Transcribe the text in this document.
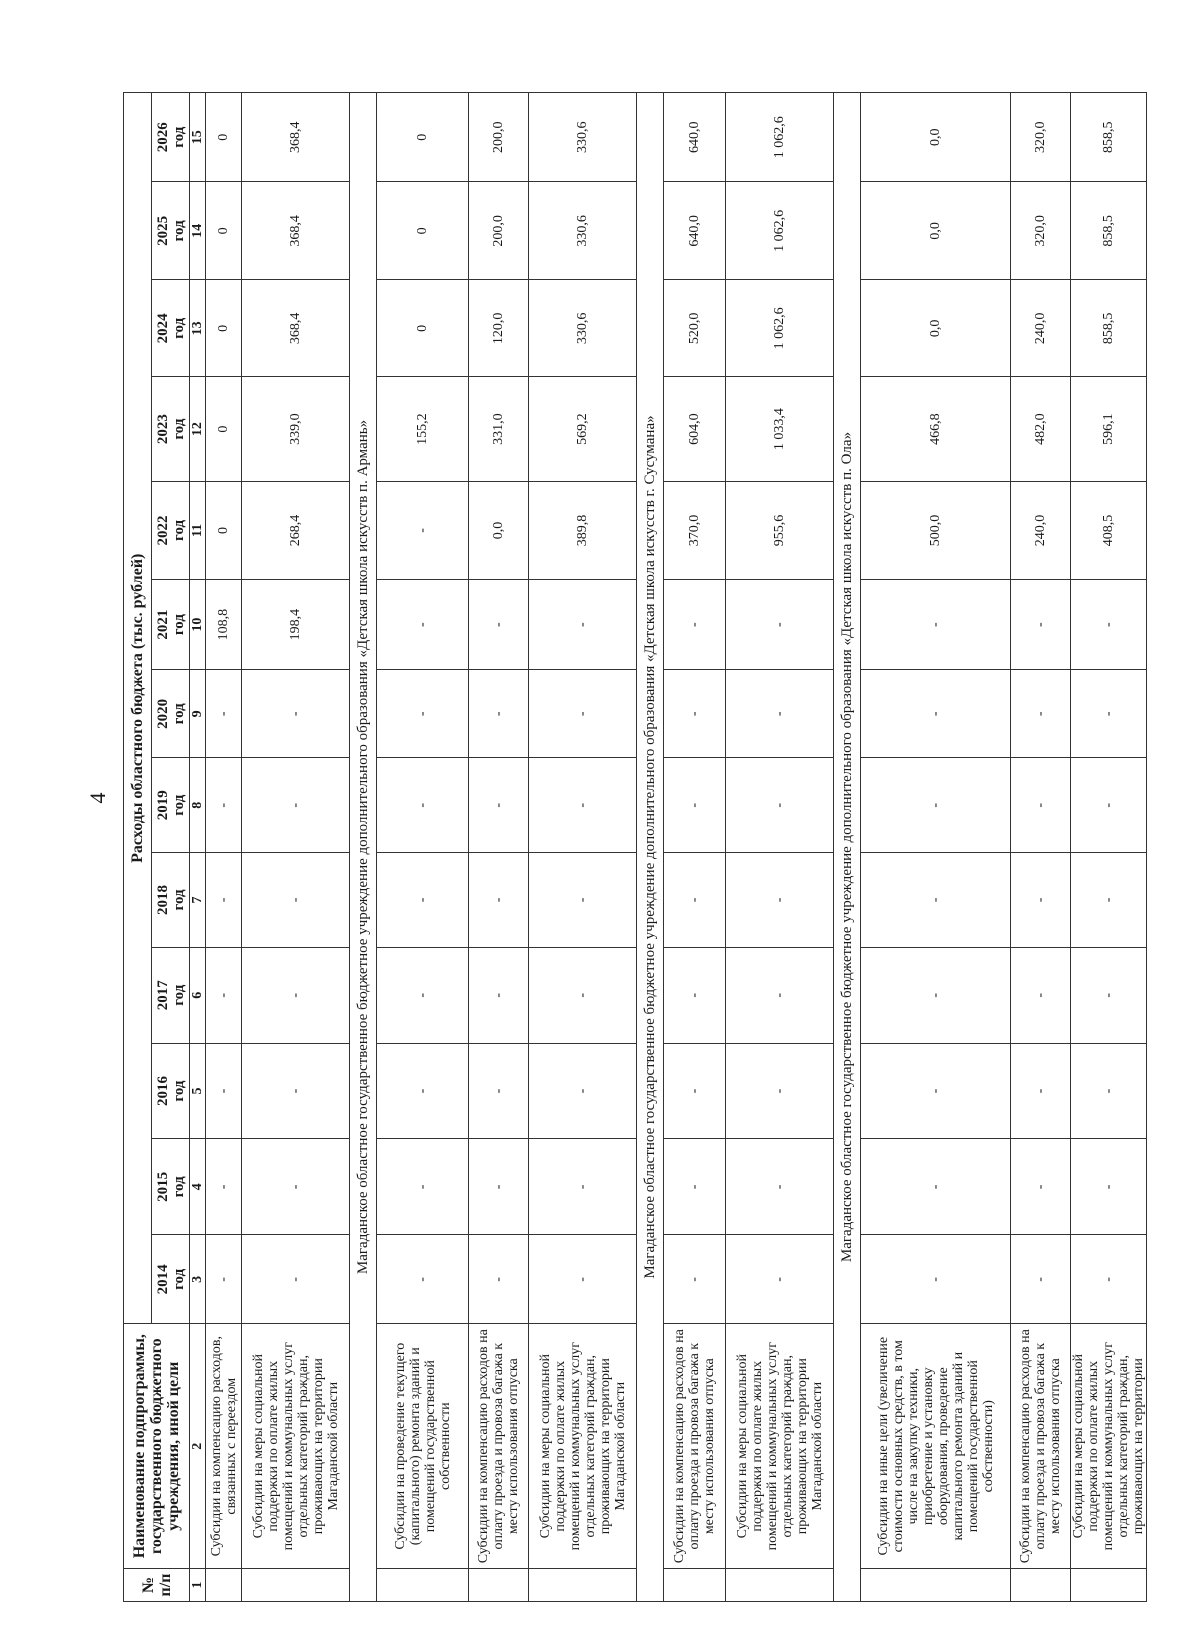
4
№ п/п	Наименование подпрограммы, государственного бюджетного учреждения, иной цели	Расходы областного бюджета (тыс. рублей)												

		2014 год	2015 год	2016 год	2017 год	2018 год	2019 год	2020 год	2021 год	2022 год	2023 год	2024 год	2025 год	2026 год

1	2	3	4	5	6	7	8	9	10	11	12	13	14	15
	Субсидии на компенсацию расходов, связанных с переездом	-	-	-	-	-	-	-	108,8	0	0	0	0	0
	Субсидии на меры социальной поддержки по оплате жилых помещений и коммунальных услуг отдельных категорий граждан, проживающих на территории Магаданской области	-	-	-	-	-	-	-	198,4	268,4	339,0	368,4	368,4	368,4
Магаданское областное государственное бюджетное учреждение дополнительного образования «Детская школа искусств п. Армань»														
	Субсидии на проведение текущего (капитального) ремонта зданий и помещений государственной собственности	-	-	-	-	-	-	-	-	-	155,2	0	0	0
	Субсидии на компенсацию расходов на оплату проезда и провоза багажа к месту использования отпуска	-	-	-	-	-	-	-	-	0,0	331,0	120,0	200,0	200,0
	Субсидии на меры социальной поддержки по оплате жилых помещений и коммунальных услуг отдельных категорий граждан, проживающих на территории Магаданской области	-	-	-	-	-	-	-	-	389,8	569,2	330,6	330,6	330,6
Магаданское областное государственное бюджетное учреждение дополнительного образования «Детская школа искусств г. Сусумана»														
	Субсидии на компенсацию расходов на оплату проезда и провоза багажа к месту использования отпуска	-	-	-	-	-	-	-	-	370,0	604,0	520,0	640,0	640,0
	Субсидии на меры социальной поддержки по оплате жилых помещений и коммунальных услуг отдельных категорий граждан, проживающих на территории Магаданской области	-	-	-	-	-	-	-	-	955,6	1 033,4	1 062,6	1 062,6	1 062,6
Магаданское областное государственное бюджетное учреждение дополнительного образования «Детская школа искусств п. Ола»														
	Субсидии на иные цели (увеличение стоимости основных средств, в том числе на закупку техники, приобретение и установку оборудования, проведение капитального ремонта зданий и помещений государственной собственности)	-	-	-	-	-	-	-	-	500,0	466,8	0,0	0,0	0,0
	Субсидии на компенсацию расходов на оплату проезда и провоза багажа к месту использования отпуска	-	-	-	-	-	-	-	-	240,0	482,0	240,0	320,0	320,0
	Субсидии на меры социальной поддержки по оплате жилых помещений и коммунальных услуг отдельных категорий граждан, проживающих на территории	-	-	-	-	-	-	-	-	408,5	596,1	858,5	858,5	858,5
